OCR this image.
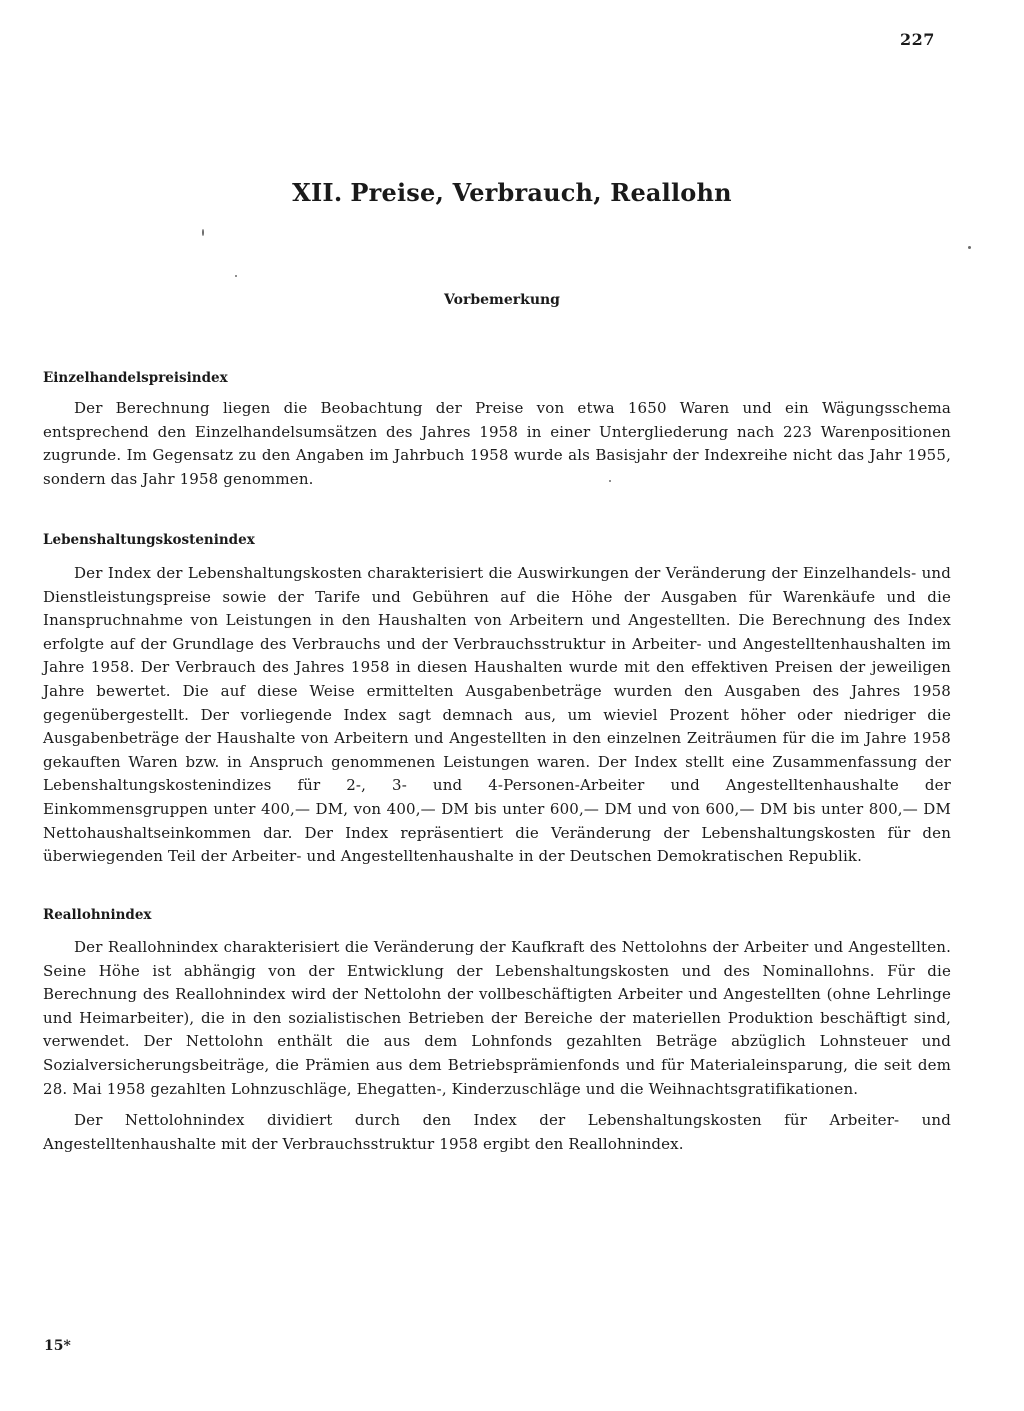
227
XII. Preise, Verbrauch, Reallohn
Vorbemerkung
Einzelhandelspreisindex

Der Berechnung liegen die Beobachtung der Preise von etwa 1650 Waren und ein Wägungsschema entsprechend den Einzelhandelsumsätzen des Jahres 1958 in einer Untergliederung nach 223 Warenpositionen zugrunde. Im Gegensatz zu den Angaben im Jahrbuch 1958 wurde als Basisjahr der Indexreihe nicht das Jahr 1955, sondern das Jahr 1958 genommen.

Lebenshaltungskostenindex

Der Index der Lebenshaltungskosten charakterisiert die Auswirkungen der Veränderung der Einzelhandels- und Dienstleistungspreise sowie der Tarife und Gebühren auf die Höhe der Ausgaben für Warenkäufe und die Inanspruchnahme von Leistungen in den Haushalten von Arbeitern und Angestellten. Die Berechnung des Index erfolgte auf der Grundlage des Verbrauchs und der Verbrauchsstruktur in Arbeiter- und Angestelltenhaushalten im Jahre 1958. Der Verbrauch des Jahres 1958 in diesen Haushalten wurde mit den effektiven Preisen der jeweiligen Jahre bewertet. Die auf diese Weise ermittelten Ausgabenbeträge wurden den Ausgaben des Jahres 1958 gegenübergestellt. Der vorliegende Index sagt demnach aus, um wieviel Prozent höher oder niedriger die Ausgabenbeträge der Haushalte von Arbeitern und Angestellten in den einzelnen Zeiträumen für die im Jahre 1958 gekauften Waren bzw. in Anspruch genommenen Leistungen waren. Der Index stellt eine Zusammenfassung der Lebenshaltungskostenindizes für 2-, 3- und 4-Personen-Arbeiter und Angestelltenhaushalte der Einkommensgruppen unter 400,— DM, von 400,— DM bis unter 600,— DM und von 600,— DM bis unter 800,— DM Nettohaushaltseinkommen dar. Der Index repräsentiert die Veränderung der Lebenshaltungskosten für den überwiegenden Teil der Arbeiter- und Angestelltenhaushalte in der Deutschen Demokratischen Republik.

Reallohnindex

Der Reallohnindex charakterisiert die Veränderung der Kaufkraft des Nettolohns der Arbeiter und Angestellten. Seine Höhe ist abhängig von der Entwicklung der Lebenshaltungskosten und des Nominallohns. Für die Berechnung des Reallohnindex wird der Nettolohn der vollbeschäftigten Arbeiter und Angestellten (ohne Lehrlinge und Heimarbeiter), die in den sozialistischen Betrieben der Bereiche der materiellen Produktion beschäftigt sind, verwendet. Der Nettolohn enthält die aus dem Lohnfonds gezahlten Beträge abzüglich Lohnsteuer und Sozialversicherungsbeiträge, die Prämien aus dem Betriebsprämienfonds und für Materialeinsparung, die seit dem 28. Mai 1958 gezahlten Lohnzuschläge, Ehegatten-, Kinderzuschläge und die Weihnachtsgratifikationen.

Der Nettolohnindex dividiert durch den Index der Lebenshaltungskosten für Arbeiter- und Angestelltenhaushalte mit der Verbrauchsstruktur 1958 ergibt den Reallohnindex.

15*
